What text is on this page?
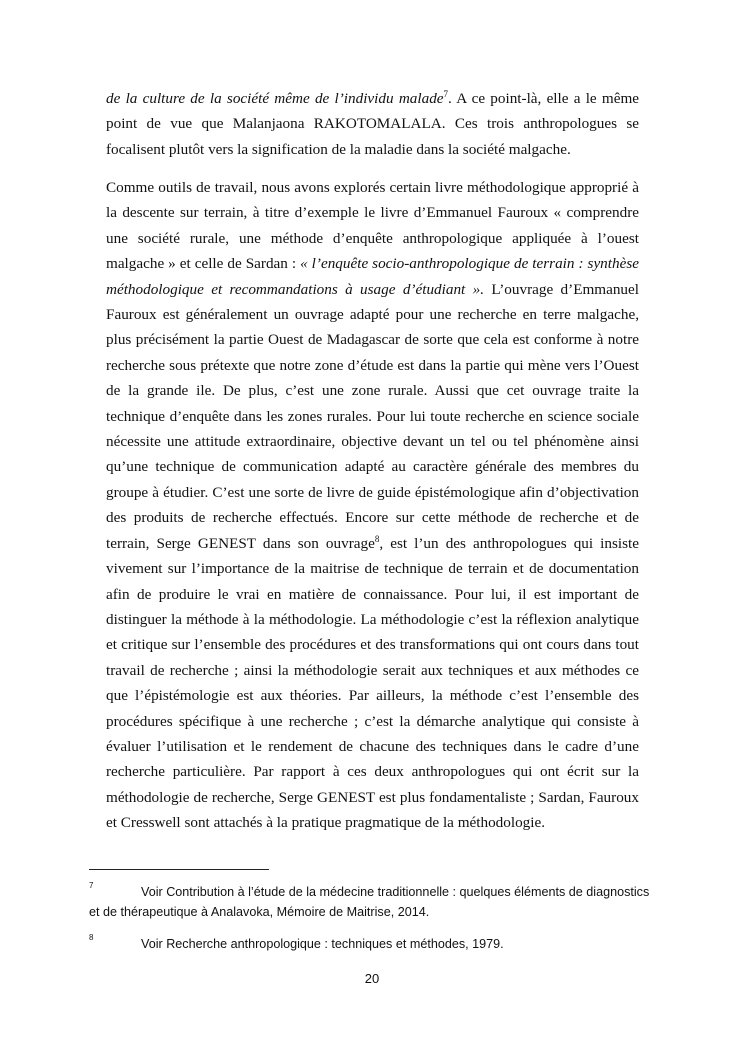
de la culture de la société même de l’individu malade$^7$. A ce point-là, elle a le même point de vue que Malanjaona RAKOTOMALALA. Ces trois anthropologues se focalisent plutôt vers la signification de la maladie dans la société malgache.

Comme outils de travail, nous avons explorés certain livre méthodologique approprié à la descente sur terrain, à titre d’exemple le livre d’Emmanuel Fauroux « comprendre une société rurale, une méthode d’enquête anthropologique appliquée à l’ouest malgache » et celle de Sardan : « l’enquête socio-anthropologique de terrain : synthèse méthodologique et recommandations à usage d’étudiant ». L’ouvrage d’Emmanuel Fauroux est généralement un ouvrage adapté pour une recherche en terre malgache, plus précisément la partie Ouest de Madagascar de sorte que cela est conforme à notre recherche sous prétexte que notre zone d’étude est dans la partie qui mène vers l’Ouest de la grande ile. De plus, c’est une zone rurale. Aussi que cet ouvrage traite la technique d’enquête dans les zones rurales. Pour lui toute recherche en science sociale nécessite une attitude extraordinaire, objective devant un tel ou tel phénomène ainsi qu’une technique de communication adapté au caractère générale des membres du groupe à étudier. C’est une sorte de livre de guide épistémologique afin d’objectivation des produits de recherche effectués. Encore sur cette méthode de recherche et de terrain, Serge GENEST dans son ouvrage$^8$, est l’un des anthropologues qui insiste vivement sur l’importance de la maitrise de technique de terrain et de documentation afin de produire le vrai en matière de connaissance. Pour lui, il est important de distinguer la méthode à la méthodologie. La méthodologie c’est la réflexion analytique et critique sur l’ensemble des procédures et des transformations qui ont cours dans tout travail de recherche ; ainsi la méthodologie serait aux techniques et aux méthodes ce que l’épistémologie est aux théories. Par ailleurs, la méthode c’est l’ensemble des procédures spécifique à une recherche ; c’est la démarche analytique qui consiste à évaluer l’utilisation et le rendement de chacune des techniques dans le cadre d’une recherche particulière. Par rapport à ces deux anthropologues qui ont écrit sur la méthodologie de recherche, Serge GENEST est plus fondamentaliste ; Sardan, Fauroux et Cresswell sont attachés à la pratique pragmatique de la méthodologie.

7	Voir Contribution à l’étude de la médecine traditionnelle : quelques éléments de diagnostics et de thérapeutique à Analavoka, Mémoire de Maitrise, 2014.

8	Voir Recherche anthropologique : techniques et méthodes, 1979.

20
